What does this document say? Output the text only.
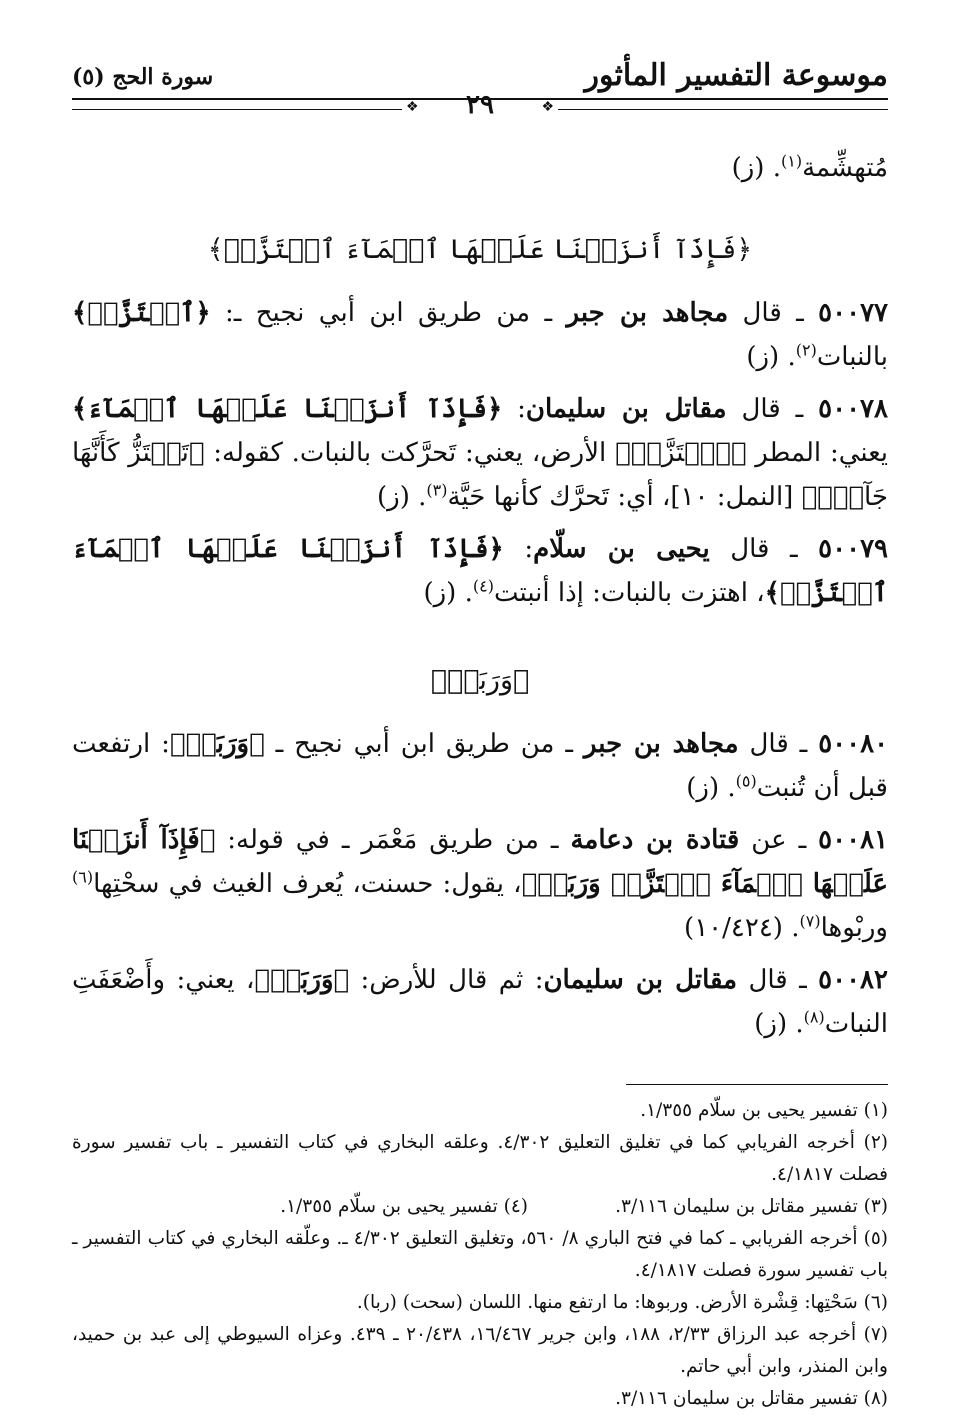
موسوعة التفسير المأثور
سورة الحج (٥)
❖
❖	٢٩

مُتهشِّمة$^{(١)}$. (ز)

﴿فَإِذَآ أَنزَلۡنَا عَلَيۡهَا ٱلۡمَآءَ ٱهۡتَزَّتۡ﴾

٥٠٠٧٧ ـ قال مجاهد بن جبر ـ من طريق ابن أبي نجيح ـ: ﴿ٱهۡتَزَّتۡ﴾ بالنبات$^{(٢)}$. (ز)

٥٠٠٧٨ ـ قال مقاتل بن سليمان: ﴿فَإِذَآ أَنزَلۡنَا عَلَيۡهَا ٱلۡمَآءَ﴾ يعني: المطر ﴿ٱهۡتَزَّتۡ﴾ الأرض، يعني: تَحرَّكت بالنبات. كقوله: ﴿تَهۡتَزُّ كَأَنَّهَا جَآنّٞ﴾ [النمل: ١٠]، أي: تَحرَّك كأنها حَيَّة$^{(٣)}$. (ز)

٥٠٠٧٩ ـ قال يحيى بن سلّام: ﴿فَإِذَآ أَنزَلۡنَا عَلَيۡهَا ٱلۡمَآءَ ٱهۡتَزَّتۡ﴾، اهتزت بالنبات: إذا أنبتت$^{(٤)}$. (ز)

﴿وَرَبَتۡ﴾

٥٠٠٨٠ ـ قال مجاهد بن جبر ـ من طريق ابن أبي نجيح ـ ﴿وَرَبَتۡ﴾: ارتفعت قبل أن تُنبت$^{(٥)}$. (ز)

٥٠٠٨١ ـ عن قتادة بن دعامة ـ من طريق مَعْمَر ـ في قوله: ﴿فَإِذَآ أَنزَلۡنَا عَلَيۡهَا ٱلۡمَآءَ ٱهۡتَزَّتۡ وَرَبَتۡ﴾، يقول: حسنت، يُعرف الغيث في سحْتِها$^{(٦)}$ وربْوها$^{(٧)}$. (١٠/٤٢٤)

٥٠٠٨٢ ـ قال مقاتل بن سليمان: ثم قال للأرض: ﴿وَرَبَتۡ﴾، يعني: وأَضْعَفَتِ النبات$^{(٨)}$. (ز)

(١) تفسير يحيى بن سلّام ١/٣٥٥.

(٢) أخرجه الفريابي كما في تغليق التعليق ٤/٣٠٢. وعلقه البخاري في كتاب التفسير ـ باب تفسير سورة فصلت ٤/١٨١٧.

(٣) تفسير مقاتل بن سليمان ٣/١١٦.
(٤) تفسير يحيى بن سلّام ١/٣٥٥.

(٥) أخرجه الفريابي ـ كما في فتح الباري ٨/ ٥٦٠، وتغليق التعليق ٤/٣٠٢ ـ. وعلّقه البخاري في كتاب التفسير ـ باب تفسير سورة فصلت ٤/١٨١٧.

(٦) سَحْتِها: قِشْرة الأرض. وربوها: ما ارتفع منها. اللسان (سحت) (ربا).

(٧) أخرجه عبد الرزاق ٢/٣٣، ١٨٨، وابن جرير ١٦/٤٦٧، ٢٠/٤٣٨ ـ ٤٣٩. وعزاه السيوطي إلى عبد بن حميد، وابن المنذر، وابن أبي حاتم.

(٨) تفسير مقاتل بن سليمان ٣/١١٦.
